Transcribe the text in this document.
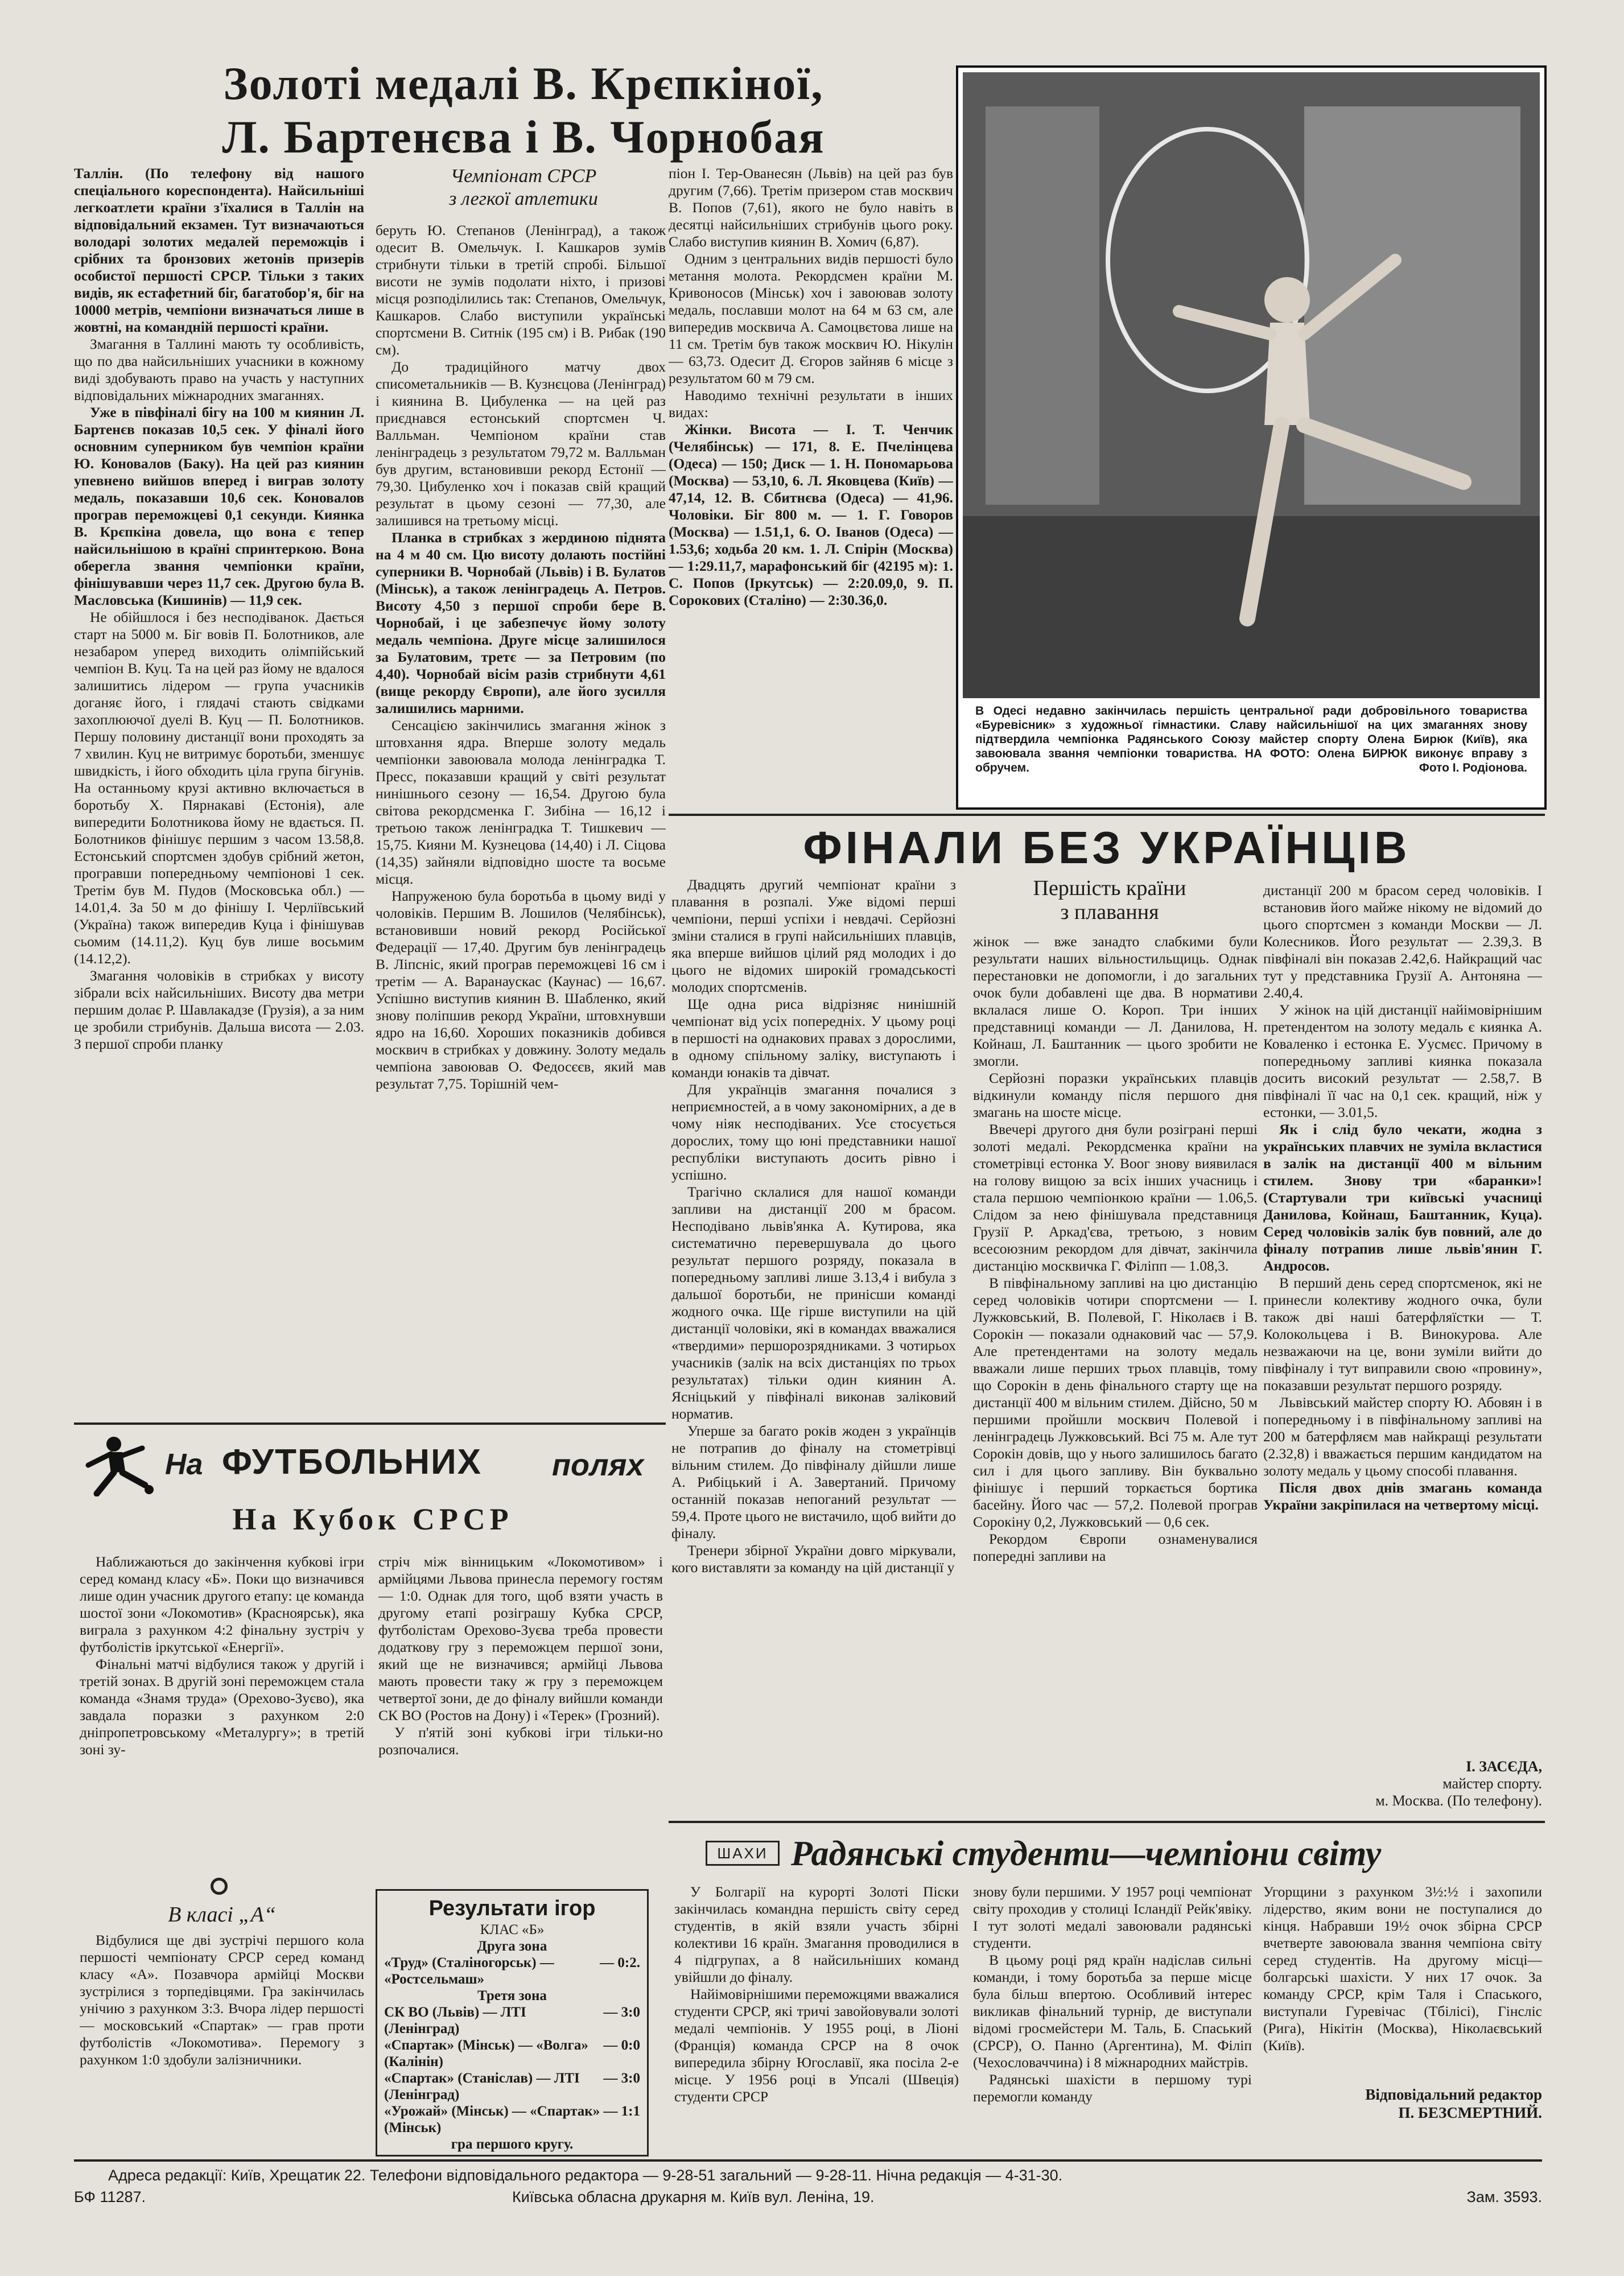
Золоті медалі В. Крєпкіної,
Л. Бартенєва і В. Чорнобая

Таллін. (По телефону від нашого спеціального кореспондента). Найсильніші легкоатлети країни з'їхалися в Таллін на відповідальний екзамен. Тут визначаються володарі золотих медалей переможців і срібних та бронзових жетонів призерів особистої першості СРСР. Тільки з таких видів, як естафетний біг, багатобор'я, біг на 10000 метрів, чемпіони визначаться лише в жовтні, на командній першості країни.

Змагання в Таллині мають ту особливість, що по два найсильніших учасники в кожному виді здобувають право на участь у наступних відповідальних міжнародних змаганнях.

Уже в півфіналі бігу на 100 м киянин Л. Бартенєв показав 10,5 сек. У фіналі його основним суперником був чемпіон країни Ю. Коновалов (Баку). На цей раз киянин упевнено вийшов вперед і виграв золоту медаль, показавши 10,6 сек. Коновалов програв переможцеві 0,1 секунди. Киянка В. Крєпкіна довела, що вона є тепер найсильнішою в країні спринтеркою. Вона оберегла звання чемпіонки країни, фінішувавши через 11,7 сек. Другою була В. Масловська (Кишинів) — 11,9 сек.

Не обійшлося і без несподіванок. Дається старт на 5000 м. Біг вовів П. Болотников, але незабаром уперед виходить олімпійський чемпіон В. Куц. Та на цей раз йому не вдалося залишитись лідером — група учасників доганяє його, і глядачі стають свідками захоплюючої дуелі В. Куц — П. Болотников. Першу половину дистанції вони проходять за 7 хвилин. Куц не витримує боротьби, зменшує швидкість, і його обходить ціла група бігунів. На останньому крузі активно включається в боротьбу Х. Пярнакаві (Естонія), але випередити Болотникова йому не вдається. П. Болотников фінішує першим з часом 13.58,8. Естонський спортсмен здобув срібний жетон, програвши попередньому чемпіонові 1 сек. Третім був М. Пудов (Московська обл.) — 14.01,4. За 50 м до фінішу І. Черліївський (Україна) також випередив Куца і фінішував сьомим (14.11,2). Куц був лише восьмим (14.12,2).

Змагання чоловіків в стрибках у висоту зібрали всіх найсильніших. Висоту два метри першим долає Р. Шавлакадзе (Грузія), а за ним це зробили стрибунів. Дальша висота — 2.03. З першої спроби планку

Чемпіонат СРСР
з легкої атлетики

беруть Ю. Степанов (Ленінград), а також одесит В. Омельчук. І. Кашкаров зумів стрибнути тільки в третій спробі. Більшої висоти не зумів подолати ніхто, і призові місця розподілились так: Степанов, Омельчук, Кашкаров. Слабо виступили українські спортсмени В. Ситнік (195 см) і В. Рибак (190 см).

До традиційного матчу двох списометальників — В. Кузнєцова (Ленінград) і киянина В. Цибуленка — на цей раз приєднався естонський спортсмен Ч. Валльман. Чемпіоном країни став ленінградець з результатом 79,72 м. Валльман був другим, встановивши рекорд Естонії — 79,30. Цибуленко хоч і показав свій кращий результат в цьому сезоні — 77,30, але залишився на третьому місці.

Планка в стрибках з жердиною піднята на 4 м 40 см. Цю висоту долають постійні суперники В. Чорнобай (Львів) і В. Булатов (Мінськ), а також ленінградець А. Петров. Висоту 4,50 з першої спроби бере В. Чорнобай, і це забезпечує йому золоту медаль чемпіона. Друге місце залишилося за Булатовим, третє — за Петровим (по 4,40). Чорнобай вісім разів стрибнути 4,61 (вище рекорду Європи), але його зусилля залишились марними.

Сенсацією закінчились змагання жінок з штовхання ядра. Вперше золоту медаль чемпіонки завоювала молода ленінградка Т. Пресс, показавши кращий у світі результат нинішнього сезону — 16,54. Другою була світова рекордсменка Г. Зибіна — 16,12 і третьою також ленінградка Т. Тишкевич — 15,75. Кияни М. Кузнецова (14,40) і Л. Сіцова (14,35) зайняли відповідно шосте та восьме місця.

Напруженою була боротьба в цьому виді у чоловіків. Першим В. Лошилов (Челябінськ), встановивши новий рекорд Російської Федерації — 17,40. Другим був ленінградець В. Ліпсніс, який програв переможцеві 16 см і третім — А. Варанаускас (Каунас) — 16,67. Успішно виступив киянин В. Шабленко, який знову поліпшив рекорд України, штовхнувши ядро на 16,60. Хороших показників добився москвич в стрибках у довжину. Золоту медаль чемпіона завоював О. Федосєєв, який мав результат 7,75. Торішній чем-

піон І. Тер-Ованесян (Львів) на цей раз був другим (7,66). Третім призером став москвич В. Попов (7,61), якого не було навіть в десятці найсильніших стрибунів цього року. Слабо виступив киянин В. Хомич (6,87).

Одним з центральних видів першості було метання молота. Рекордсмен країни М. Кривоносов (Мінськ) хоч і завоював золоту медаль, пославши молот на 64 м 63 см, але випередив москвича А. Самоцвєтова лише на 11 см. Третім був також москвич Ю. Нікулін — 63,73. Одесит Д. Єгоров зайняв 6 місце з результатом 60 м 79 см.

Наводимо технічні результати в інших видах:

Жінки. Висота — І. Т. Ченчик (Челябінськ) — 171, 8. Е. Пчелінцева (Одеса) — 150; Диск — 1. Н. Пономарьова (Москва) — 53,10, 6. Л. Яковцева (Київ) — 47,14, 12. В. Сбитнєва (Одеса) — 41,96. Чоловіки. Біг 800 м. — 1. Г. Говоров (Москва) — 1.51,1, 6. О. Іванов (Одеса) — 1.53,6; ходьба 20 км. 1. Л. Спірін (Москва) — 1:29.11,7, марафонський біг (42195 м): 1. С. Попов (Іркутськ) — 2:20.09,0, 9. П. Сорокових (Сталіно) — 2:30.36,0.

В Одесі недавно закінчилась першість центральної ради добровільного товариства «Буревісник» з художньої гімнастики. Славу найсильнішої на цих змаганнях знову підтвердила чемпіонка Радянського Союзу майстер спорту Олена Бирюк (Київ), яка завоювала звання чемпіонки товариства. НА ФОТО: Олена БИРЮК виконує вправу з обручем.	Фото І. Родіонова.
ФІНАЛИ БЕЗ УКРАЇНЦІВ
Першість країни
з плавання

Двадцять другий чемпіонат країни з плавання в розпалі. Уже відомі перші чемпіони, перші успіхи і невдачі. Серйозні зміни сталися в групі найсильніших плавців, яка вперше вийшов цілий ряд молодих і до цього не відомих широкій громадськості молодих спортсменів.

Ще одна риса відрізняє нинішній чемпіонат від усіх попередніх. У цьому році в першості на однакових правах з дорослими, в одному спільному заліку, виступають і команди юнаків та дівчат.

Для українців змагання почалися з неприємностей, а в чому закономірних, а де в чому ніяк несподіваних. Усе стосується дорослих, тому що юні представники нашої республіки виступають досить рівно і успішно.

Трагічно склалися для нашої команди запливи на дистанції 200 м брасом. Несподівано львів'янка А. Кутирова, яка систематично перевершувала до цього результат першого розряду, показала в попередньому запливі лише 3.13,4 і вибула з дальшої боротьби, не принісши команді жодного очка. Ще гірше виступили на цій дистанції чоловіки, які в командах вважалися «твердими» першорозрядниками. З чотирьох учасників (залік на всіх дистанціях по трьох результатах) тільки один киянин А. Ясніцький у півфіналі виконав заліковий норматив.

Уперше за багато років жоден з українців не потрапив до фіналу на стометрівці вільним стилем. До півфіналу дійшли лише А. Рибіцький і А. Завертаний. Причому останній показав непоганий результат — 59,4. Проте цього не вистачило, щоб вийти до фіналу.

Тренери збірної України довго міркували, кого виставляти за команду на цій дистанції у

жінок — вже занадто слабкими були результати наших вільностильщиць. Однак перестановки не допомогли, і до загальних очок були добавлені ще два. В нормативи вклалася лише О. Короп. Три інших представниці команди — Л. Данилова, Н. Койнаш, Л. Баштанник — цього зробити не змогли.

Серйозні поразки українських плавців відкинули команду після першого дня змагань на шосте місце.

Ввечері другого дня були розіграні перші золоті медалі. Рекордсменка країни на стометрівці естонка У. Воог знову виявилася на голову вищою за всіх інших учасниць і стала першою чемпіонкою країни — 1.06,5. Слідом за нею фінішувала представниця Грузії Р. Аркад'єва, третьою, з новим всесоюзним рекордом для дівчат, закінчила дистанцію москвичка Г. Філіпп — 1.08,3.

В півфінальному запливі на цю дистанцію серед чоловіків чотири спортсмени — І. Лужковський, В. Полевой, Г. Ніколаєв і В. Сорокін — показали однаковий час — 57,9. Але претендентами на золоту медаль вважали лише перших трьох плавців, тому що Сорокін в день фінального старту ще на дистанції 400 м вільним стилем. Дійсно, 50 м першими пройшли москвич Полевой і ленінградець Лужковський. Всі 75 м. Але тут Сорокін довів, що у нього залишилось багато сил і для цього запливу. Він буквально фінішує і перший торкається бортика басейну. Його час — 57,2. Полевой програв Сорокіну 0,2, Лужковський — 0,6 сек.

Рекордом Європи ознаменувалися попередні запливи на

дистанції 200 м брасом серед чоловіків. І встановив його майже нікому не відомий до цього спортсмен з команди Москви — Л. Колесников. Його результат — 2.39,3. В півфіналі він показав 2.42,6. Найкращий час тут у представника Грузії А. Антоняна — 2.40,4.

У жінок на цій дистанції найімовірнішим претендентом на золоту медаль є киянка А. Коваленко і естонка Е. Уусмєс. Причому в попередньому запливі киянка показала досить високий результат — 2.58,7. В півфіналі її час на 0,1 сек. кращий, ніж у естонки, — 3.01,5.

Як і слід було чекати, жодна з українських плавчих не зуміла вкластися в залік на дистанції 400 м вільним стилем. Знову три «баранки»! (Стартували три київські учасниці Данилова, Койнаш, Баштанник, Куца). Серед чоловіків залік був повний, але до фіналу потрапив лише львів'янин Г. Андросов.

В перший день серед спортсменок, які не принесли колективу жодного очка, були також дві наші батерфляїстки — Т. Колокольцева і В. Винокурова. Але незважаючи на це, вони зуміли вийти до півфіналу і тут виправили свою «провину», показавши результат першого розряду.

Львівський майстер спорту Ю. Абовян і в попередньому і в півфінальному запливі на 200 м батерфляєм мав найкращі результати (2.32,8) і вважається першим кандидатом на золоту медаль у цьому способі плавання.

Після двох днів змагань команда України закріпилася на четвертому місці.

І. ЗАСЄДА,
майстер спорту.
м. Москва. (По телефону).
На ФУТБОЛЬНИХ полях
На Кубок СРСР

Наближаються до закінчення кубкові ігри серед команд класу «Б». Поки що визначився лише один учасник другого етапу: це команда шостої зони «Локомотив» (Красноярськ), яка виграла з рахунком 4:2 фінальну зустріч у футболістів іркутської «Енергії».

Фінальні матчі відбулися також у другій і третій зонах. В другій зоні переможцем стала команда «Знамя труда» (Орехово-Зуєво), яка завдала поразки з рахунком 2:0 дніпропетровському «Металургу»; в третій зоні зу-

стріч між вінницьким «Локомотивом» і армійцями Львова принесла перемогу гостям — 1:0. Однак для того, щоб взяти участь в другому етапі розіграшу Кубка СРСР, футболістам Орехово-Зуєва треба провести додаткову гру з переможцем першої зони, який ще не визначився; армійці Львова мають провести таку ж гру з переможцем четвертої зони, де до фіналу вийшли команди СК ВО (Ростов на Дону) і «Терек» (Грозний).

У п'ятій зоні кубкові ігри тільки-но розпочалися.

В класі „А“

Відбулися ще дві зустрічі першого кола першості чемпіонату СРСР серед команд класу «А». Позавчора армійці Москви зустрілися з торпедівцями. Гра закінчилась унічию з рахунком 3:3. Вчора лідер першості — московський «Спартак» — грав проти футболістів «Локомотива». Перемогу з рахунком 1:0 здобули залізничники.

Результати ігор
КЛАС «Б»
Друга зона
«Труд» (Сталіногорськ) — «Ростсельмаш»
— 0:2.
Третя зона
СК ВО (Львів) — ЛТІ (Ленінград)
— 3:0
«Спартак» (Мінськ) — «Волга» (Калінін)
— 0:0
«Спартак» (Станіслав) — ЛТІ (Ленінград)
— 3:0
«Урожай» (Мінськ) — «Спартак» (Мінськ)
— 1:1
гра першого кругу.
ШАХИ Радянські студенти—чемпіони світу

У Болгарії на курорті Золоті Піски закінчилась командна першість світу серед студентів, в якій взяли участь збірні колективи 16 країн. Змагання проводилися в 4 підгрупах, а 8 найсильніших команд увійшли до фіналу.

Найімовірнішими переможцями вважалися студенти СРСР, які тричі завойовували золоті медалі чемпіонів. У 1955 році, в Ліоні (Франція) команда СРСР на 8 очок випередила збірну Югославії, яка посіла 2-е місце. У 1956 році в Упсалі (Швеція) студенти СРСР

знову були першими. У 1957 році чемпіонат світу проходив у столиці Ісландії Рейк'явіку. І тут золоті медалі завоювали радянські студенти.

В цьому році ряд країн надіслав сильні команди, і тому боротьба за перше місце була більш впертою. Особливий інтерес викликав фінальний турнір, де виступали відомі гросмейстери М. Таль, Б. Спаський (СРСР), О. Панно (Аргентина), М. Філіп (Чехословаччина) і 8 міжнародних майстрів.

Радянські шахісти в першому турі перемогли команду

Угорщини з рахунком 3½:½ і захопили лідерство, яким вони не поступалися до кінця. Набравши 19½ очок збірна СРСР вчетверте завоювала звання чемпіона світу серед студентів. На другому місці—болгарські шахісти. У них 17 очок. За команду СРСР, крім Таля і Спаського, виступали Гуревічас (Тбілісі), Гінсліс (Рига), Нікітін (Москва), Ніколаєвський (Київ).

Відповідальний редактор
П. БЕЗСМЕРТНИЙ.
Адреса редакції: Київ, Хрещатик 22. Телефони відповідального редактора — 9-28-51 загальний — 9-28-11. Нічна редакція — 4-31-30.
БФ 11287.	Київська обласна друкарня м. Київ вул. Леніна, 19.	Зам. 3593.
